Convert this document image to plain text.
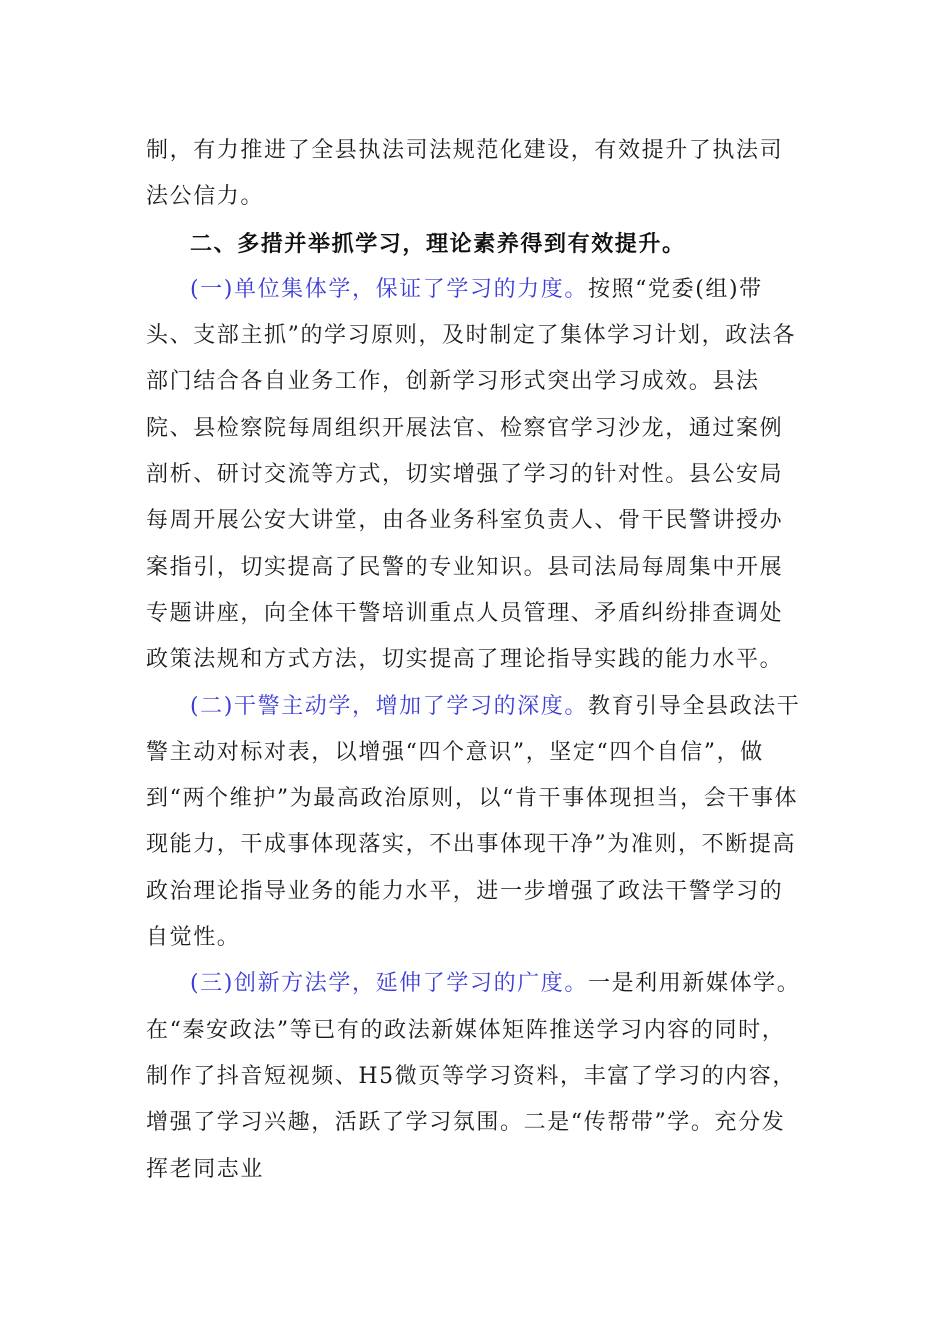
制，有力推进了全县执法司法规范化建设，有效提升了执法司法公信力。

二、多措并举抓学习，理论素养得到有效提升。

(一)单位集体学，保证了学习的力度。按照“党委(组)带头、支部主抓”的学习原则，及时制定了集体学习计划，政法各部门结合各自业务工作，创新学习形式突出学习成效。县法院、县检察院每周组织开展法官、检察官学习沙龙，通过案例剖析、研讨交流等方式，切实增强了学习的针对性。县公安局每周开展公安大讲堂，由各业务科室负责人、骨干民警讲授办案指引，切实提高了民警的专业知识。县司法局每周集中开展专题讲座，向全体干警培训重点人员管理、矛盾纠纷排查调处政策法规和方式方法，切实提高了理论指导实践的能力水平。

(二)干警主动学，增加了学习的深度。教育引导全县政法干警主动对标对表，以增强“四个意识”，坚定“四个自信”，做到“两个维护”为最高政治原则，以“肯干事体现担当，会干事体现能力，干成事体现落实，不出事体现干净”为准则，不断提高政治理论指导业务的能力水平，进一步增强了政法干警学习的自觉性。

(三)创新方法学，延伸了学习的广度。一是利用新媒体学。在“秦安政法”等已有的政法新媒体矩阵推送学习内容的同时，制作了抖音短视频、H5微页等学习资料，丰富了学习的内容，增强了学习兴趣，活跃了学习氛围。二是“传帮带”学。充分发挥老同志业
